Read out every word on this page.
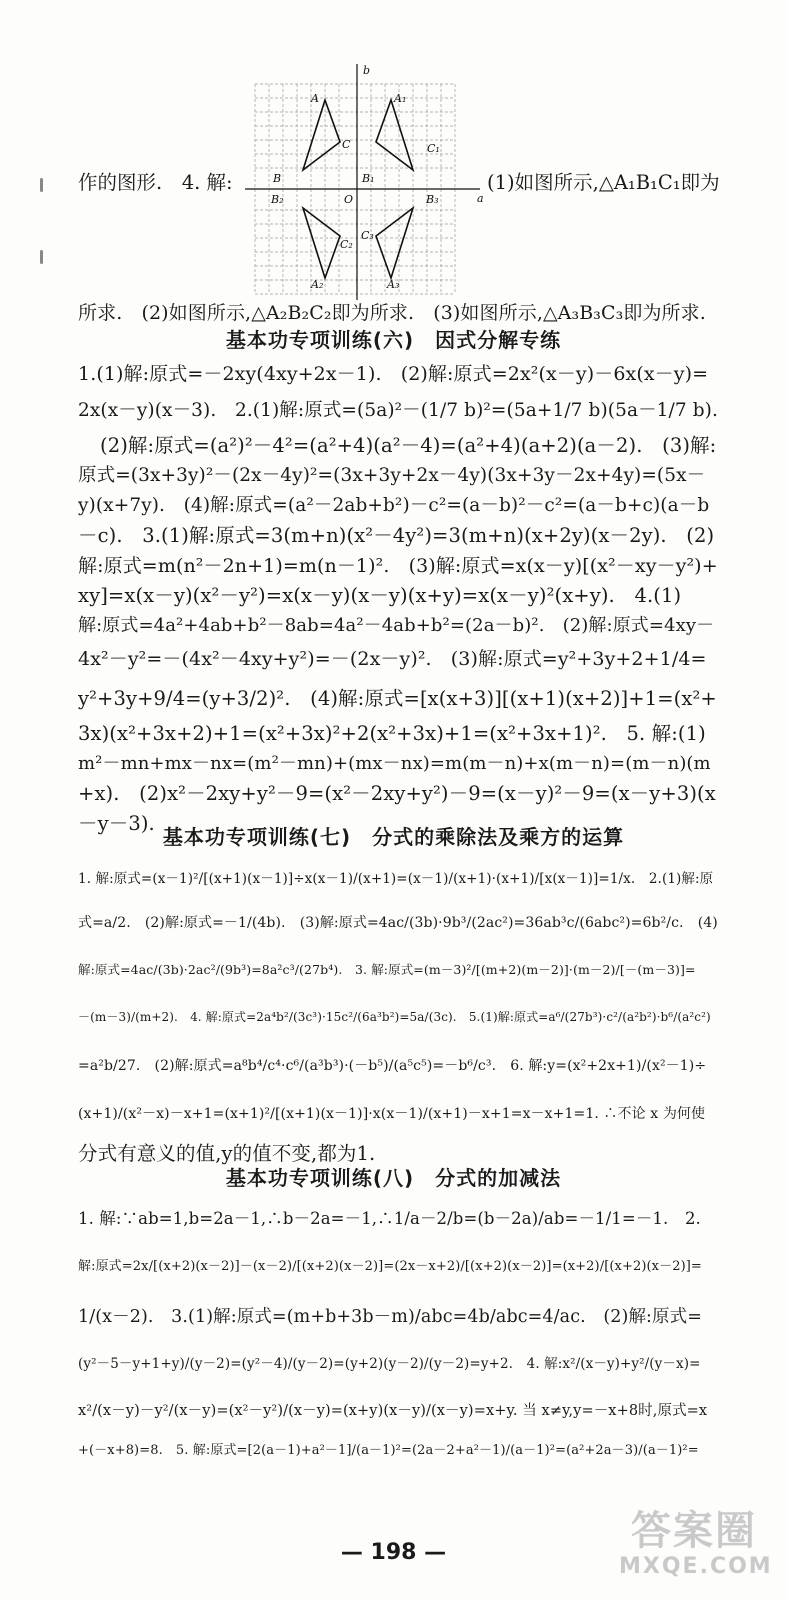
作的图形.　4. 解:	(1)如图所示,△A₁B₁C₁即为
b
a
O
A
B
C
A₁
B₁
C₁
A₂
B₂
C₂
A₃
B₃
C₃
所求.　(2)如图所示,△A₂B₂C₂即为所求.　(3)如图所示,△A₃B₃C₃即为所求.
基本功专项训练(六)　因式分解专练
1.(1)解:原式=－2xy(4xy+2x－1).　(2)解:原式=2x²(x－y)－6x(x－y)=
2x(x－y)(x－3).　2.(1)解:原式=(5a)²－(1/7 b)²=(5a+1/7 b)(5a－1/7 b).
(2)解:原式=(a²)²－4²=(a²+4)(a²－4)=(a²+4)(a+2)(a－2).　(3)解:
原式=(3x+3y)²－(2x－4y)²=(3x+3y+2x－4y)(3x+3y－2x+4y)=(5x－
y)(x+7y).　(4)解:原式=(a²－2ab+b²)－c²=(a－b)²－c²=(a－b+c)(a－b
－c).　3.(1)解:原式=3(m+n)(x²－4y²)=3(m+n)(x+2y)(x－2y).　(2)
解:原式=m(n²－2n+1)=m(n－1)².　(3)解:原式=x(x－y)[(x²－xy－y²)+
xy]=x(x－y)(x²－y²)=x(x－y)(x－y)(x+y)=x(x－y)²(x+y).　4.(1)
解:原式=4a²+4ab+b²－8ab=4a²－4ab+b²=(2a－b)².　(2)解:原式=4xy－
4x²－y²=－(4x²－4xy+y²)=－(2x－y)².　(3)解:原式=y²+3y+2+1/4=
y²+3y+9/4=(y+3/2)².　(4)解:原式=[x(x+3)][(x+1)(x+2)]+1=(x²+
3x)(x²+3x+2)+1=(x²+3x)²+2(x²+3x)+1=(x²+3x+1)².　5. 解:(1)
m²－mn+mx－nx=(m²－mn)+(mx－nx)=m(m－n)+x(m－n)=(m－n)(m
+x).　(2)x²－2xy+y²－9=(x²－2xy+y²)－9=(x－y)²－9=(x－y+3)(x
－y－3).
基本功专项训练(七)　分式的乘除法及乘方的运算
1. 解:原式=(x－1)²/[(x+1)(x－1)]÷x(x－1)/(x+1)=(x－1)/(x+1)·(x+1)/[x(x－1)]=1/x.　2.(1)解:原
式=a/2.　(2)解:原式=－1/(4b).　(3)解:原式=4ac/(3b)·9b³/(2ac²)=36ab³c/(6abc²)=6b²/c.　(4)
解:原式=4ac/(3b)·2ac²/(9b³)=8a²c³/(27b⁴).　3. 解:原式=(m－3)²/[(m+2)(m－2)]·(m－2)/[－(m－3)]=
－(m－3)/(m+2).　4. 解:原式=2a⁴b²/(3c³)·15c²/(6a³b²)=5a/(3c).　5.(1)解:原式=a⁶/(27b³)·c²/(a²b²)·b⁶/(a²c²)
=a²b/27.　(2)解:原式=a⁸b⁴/c⁴·c⁶/(a³b³)·(－b⁵)/(a⁵c⁵)=－b⁶/c³.　6. 解:y=(x²+2x+1)/(x²－1)÷
(x+1)/(x²－x)－x+1=(x+1)²/[(x+1)(x－1)]·x(x－1)/(x+1)－x+1=x－x+1=1. ∴不论 x 为何使
分式有意义的值,y的值不变,都为1.
基本功专项训练(八)　分式的加减法
1. 解:∵ab=1,b=2a－1,∴b－2a=－1,∴1/a－2/b=(b－2a)/ab=－1/1=－1.　2.
解:原式=2x/[(x+2)(x－2)]－(x－2)/[(x+2)(x－2)]=(2x－x+2)/[(x+2)(x－2)]=(x+2)/[(x+2)(x－2)]=
1/(x－2).　3.(1)解:原式=(m+b+3b－m)/abc=4b/abc=4/ac.　(2)解:原式=
(y²－5－y+1+y)/(y－2)=(y²－4)/(y－2)=(y+2)(y－2)/(y－2)=y+2.　4. 解:x²/(x－y)+y²/(y－x)=
x²/(x－y)－y²/(x－y)=(x²－y²)/(x－y)=(x+y)(x－y)/(x－y)=x+y. 当 x≠y,y=－x+8时,原式=x
+(－x+8)=8.　5. 解:原式=[2(a－1)+a²－1]/(a－1)²=(2a－2+a²－1)/(a－1)²=(a²+2a－3)/(a－1)²=
— 198 —	答案圈
MXQE.COM
